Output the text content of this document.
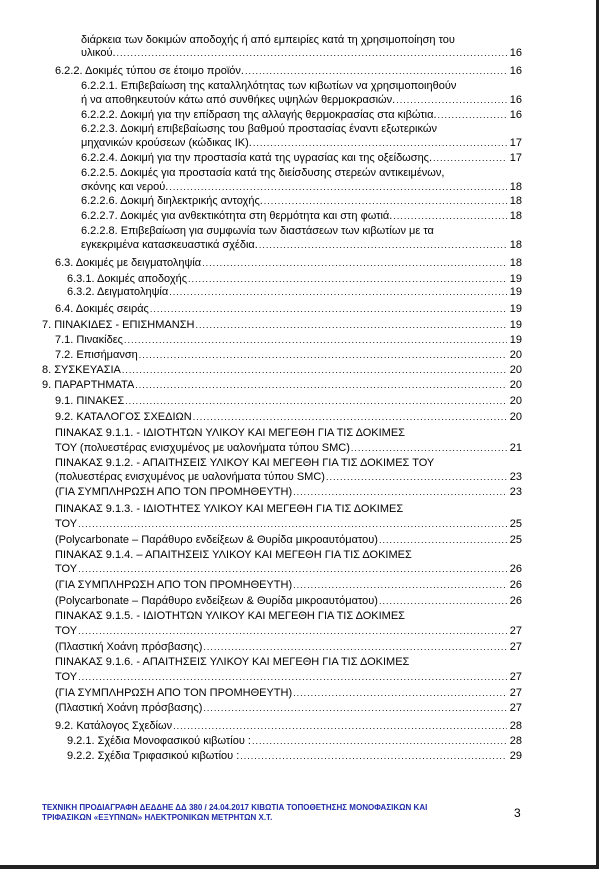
διάρκεια των δοκιμών αποδοχής ή από εμπειρίες κατά τη χρησιμοποίηση του
υλικού. .....	16
6.2.2. Δοκιμές τύπου σε έτοιμο προϊόν. .....	16
6.2.2.1. Επιβεβαίωση της καταλληλότητας των κιβωτίων να χρησιμοποιηθούν
ή να αποθηκευτούν κάτω από συνθήκες υψηλών θερμοκρασιών. .....	16
6.2.2.2. Δοκιμή για την επίδραση της αλλαγής θερμοκρασίας στα κιβώτια. .....	16
6.2.2.3. Δοκιμή επιβεβαίωσης του βαθμού προστασίας έναντι εξωτερικών
μηχανικών κρούσεων (κώδικας ΙΚ). .....	17
6.2.2.4. Δοκιμή για την προστασία κατά της υγρασίας και της οξείδωσης. .....	17
6.2.2.5. Δοκιμές για προστασία κατά της διείσδυσης στερεών αντικειμένων,
σκόνης και νερού. .....	18
6.2.2.6. Δοκιμή διηλεκτρικής αντοχής. .....	18
6.2.2.7. Δοκιμές για ανθεκτικότητα στη θερμότητα και στη φωτιά. .....	18
6.2.2.8. Επιβεβαίωση για συμφωνία των διαστάσεων των κιβωτίων με τα
εγκεκριμένα κατασκευαστικά σχέδια. .....	18
6.3. Δοκιμές με δειγματοληψία .....	18
6.3.1. Δοκιμές αποδοχής .....	19
6.3.2. Δειγματοληψία .....	19
6.4. Δοκιμές σειράς .....	19
7. ΠΙΝΑΚΙΔΕΣ - ΕΠΙΣΗΜΑΝΣΗ .....	19
7.1. Πινακίδες .....	19
7.2. Επισήμανση .....	20
8. ΣΥΣΚΕΥΑΣΙΑ .....	20
9. ΠΑΡΑΡΤΗΜΑΤΑ .....	20
9.1. ΠΙΝΑΚΕΣ .....	20
9.2. ΚΑΤΑΛΟΓΟΣ ΣΧΕΔΙΩΝ .....	20
ΠΙΝΑΚΑΣ 9.1.1. - ΙΔΙΟΤΗΤΩΝ ΥΛΙΚΟΥ ΚΑΙ ΜΕΓΕΘΗ ΓΙΑ ΤΙΣ ΔΟΚΙΜΕΣ
ΤΟΥ (πολυεστέρας ενισχυμένος με υαλονήματα τύπου SMC) .....	21
ΠΙΝΑΚΑΣ 9.1.2. - ΑΠΑΙΤΗΣΕΙΣ ΥΛΙΚΟΥ ΚΑΙ ΜΕΓΕΘΗ ΓΙΑ ΤΙΣ ΔΟΚΙΜΕΣ ΤΟΥ
(πολυεστέρας ενισχυμένος με υαλονήματα τύπου SMC) .....	23
(ΓΙΑ ΣΥΜΠΛΗΡΩΣΗ ΑΠΟ ΤΟΝ ΠΡΟΜΗΘΕΥΤΗ) .....	23
ΠΙΝΑΚΑΣ 9.1.3. - ΙΔΙΟΤΗΤΕΣ ΥΛΙΚΟΥ ΚΑΙ ΜΕΓΕΘΗ ΓΙΑ ΤΙΣ ΔΟΚΙΜΕΣ
ΤΟΥ .....	25
(Polycarbonate – Παράθυρο ενδείξεων & Θυρίδα μικροαυτόματου) .....	25
ΠΙΝΑΚΑΣ 9.1.4. – ΑΠΑΙΤΗΣΕΙΣ ΥΛΙΚΟΥ ΚΑΙ ΜΕΓΕΘΗ ΓΙΑ ΤΙΣ ΔΟΚΙΜΕΣ
ΤΟΥ .....	26
(ΓΙΑ ΣΥΜΠΛΗΡΩΣΗ ΑΠΟ ΤΟΝ ΠΡΟΜΗΘΕΥΤΗ) .....	26
(Polycarbonate – Παράθυρο ενδείξεων & Θυρίδα μικροαυτόματου) .....	26
ΠΙΝΑΚΑΣ 9.1.5. - ΙΔΙΟΤΗΤΩΝ ΥΛΙΚΟΥ ΚΑΙ ΜΕΓΕΘΗ ΓΙΑ ΤΙΣ ΔΟΚΙΜΕΣ
ΤΟΥ .....	27
(Πλαστική Χοάνη πρόσβασης) .....	27
ΠΙΝΑΚΑΣ 9.1.6. - ΑΠΑΙΤΗΣΕΙΣ ΥΛΙΚΟΥ ΚΑΙ ΜΕΓΕΘΗ ΓΙΑ ΤΙΣ ΔΟΚΙΜΕΣ
ΤΟΥ .....	27
(ΓΙΑ ΣΥΜΠΛΗΡΩΣΗ ΑΠΟ ΤΟΝ ΠΡΟΜΗΘΕΥΤΗ) .....	27
(Πλαστική Χοάνη πρόσβασης) .....	27
9.2. Κατάλογος Σχεδίων .....	28
9.2.1. Σχέδια Μονοφασικού κιβωτίου : .....	28
9.2.2. Σχέδια Τριφασικού κιβωτίου : .....	29
ΤΕΧΝΙΚΗ ΠΡΟΔΙΑΓΡΑΦΗ ΔΕΔΔΗΕ ΔΔ 380 / 24.04.2017 ΚΙΒΩΤΙΑ ΤΟΠΟΘΕΤΗΣΗΣ ΜΟΝΟΦΑΣΙΚΩΝ ΚΑΙ
ΤΡΙΦΑΣΙΚΩΝ «ΕΞΥΠΝΩΝ» ΗΛΕΚΤΡΟΝΙΚΩΝ ΜΕΤΡΗΤΩΝ Χ.Τ.	3
